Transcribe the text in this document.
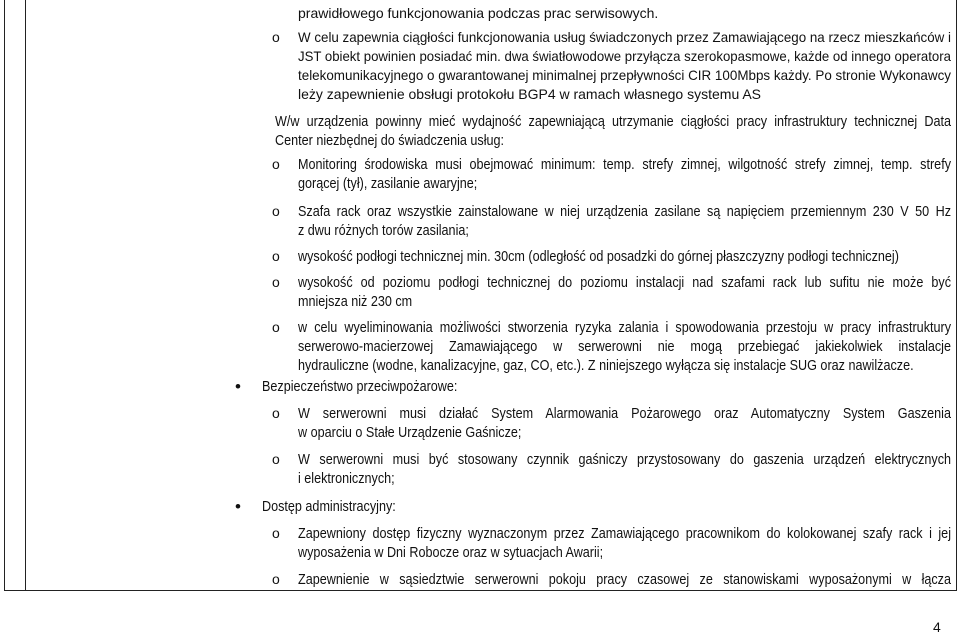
prawidłowego funkcjonowania podczas prac serwisowych.
o W celu zapewnia ciągłości funkcjonowania usług świadczonych przez Zamawiającego na rzecz mieszkańców i
JST obiekt powinien posiadać min. dwa światłowodowe przyłącza szerokopasmowe, każde od innego operatora
telekomunikacyjnego o gwarantowanej minimalnej przepływności CIR 100Mbps każdy. Po stronie Wykonawcy
leży zapewnienie obsługi protokołu BGP4 w ramach własnego systemu AS
W/w urządzenia powinny mieć wydajność zapewniającą utrzymanie ciągłości pracy infrastruktury technicznej Data
Center niezbędnej do świadczenia usług:
o Monitoring środowiska musi obejmować minimum: temp. strefy zimnej, wilgotność strefy zimnej, temp. strefy
gorącej (tył), zasilanie awaryjne;
o Szafa rack oraz wszystkie zainstalowane w niej urządzenia zasilane są napięciem przemiennym 230 V 50 Hz
z dwu różnych torów zasilania;
o wysokość podłogi technicznej min. 30cm (odległość od posadzki do górnej płaszczyzny podłogi technicznej)
o wysokość od poziomu podłogi technicznej do poziomu instalacji nad szafami rack lub sufitu nie może być
mniejsza niż 230 cm
o w celu wyeliminowania możliwości stworzenia ryzyka zalania i spowodowania przestoju w pracy infrastruktury
serwerowo-macierzowej Zamawiającego w serwerowni nie mogą przebiegać jakiekolwiek instalacje
hydrauliczne (wodne, kanalizacyjne, gaz, CO, etc.). Z niniejszego wyłącza się instalacje SUG oraz nawilżacze.
• Bezpieczeństwo przeciwpożarowe:
o W serwerowni musi działać System Alarmowania Pożarowego oraz Automatyczny System Gaszenia
w oparciu o Stałe Urządzenie Gaśnicze;
o W serwerowni musi być stosowany czynnik gaśniczy przystosowany do gaszenia urządzeń elektrycznych
i elektronicznych;
• Dostęp administracyjny:
o Zapewniony dostęp fizyczny wyznaczonym przez Zamawiającego pracownikom do kolokowanej szafy rack i jej
wyposażenia w Dni Robocze oraz w sytuacjach Awarii;
o Zapewnienie w sąsiedztwie serwerowni pokoju pracy czasowej ze stanowiskami wyposażonymi w łącza
4
